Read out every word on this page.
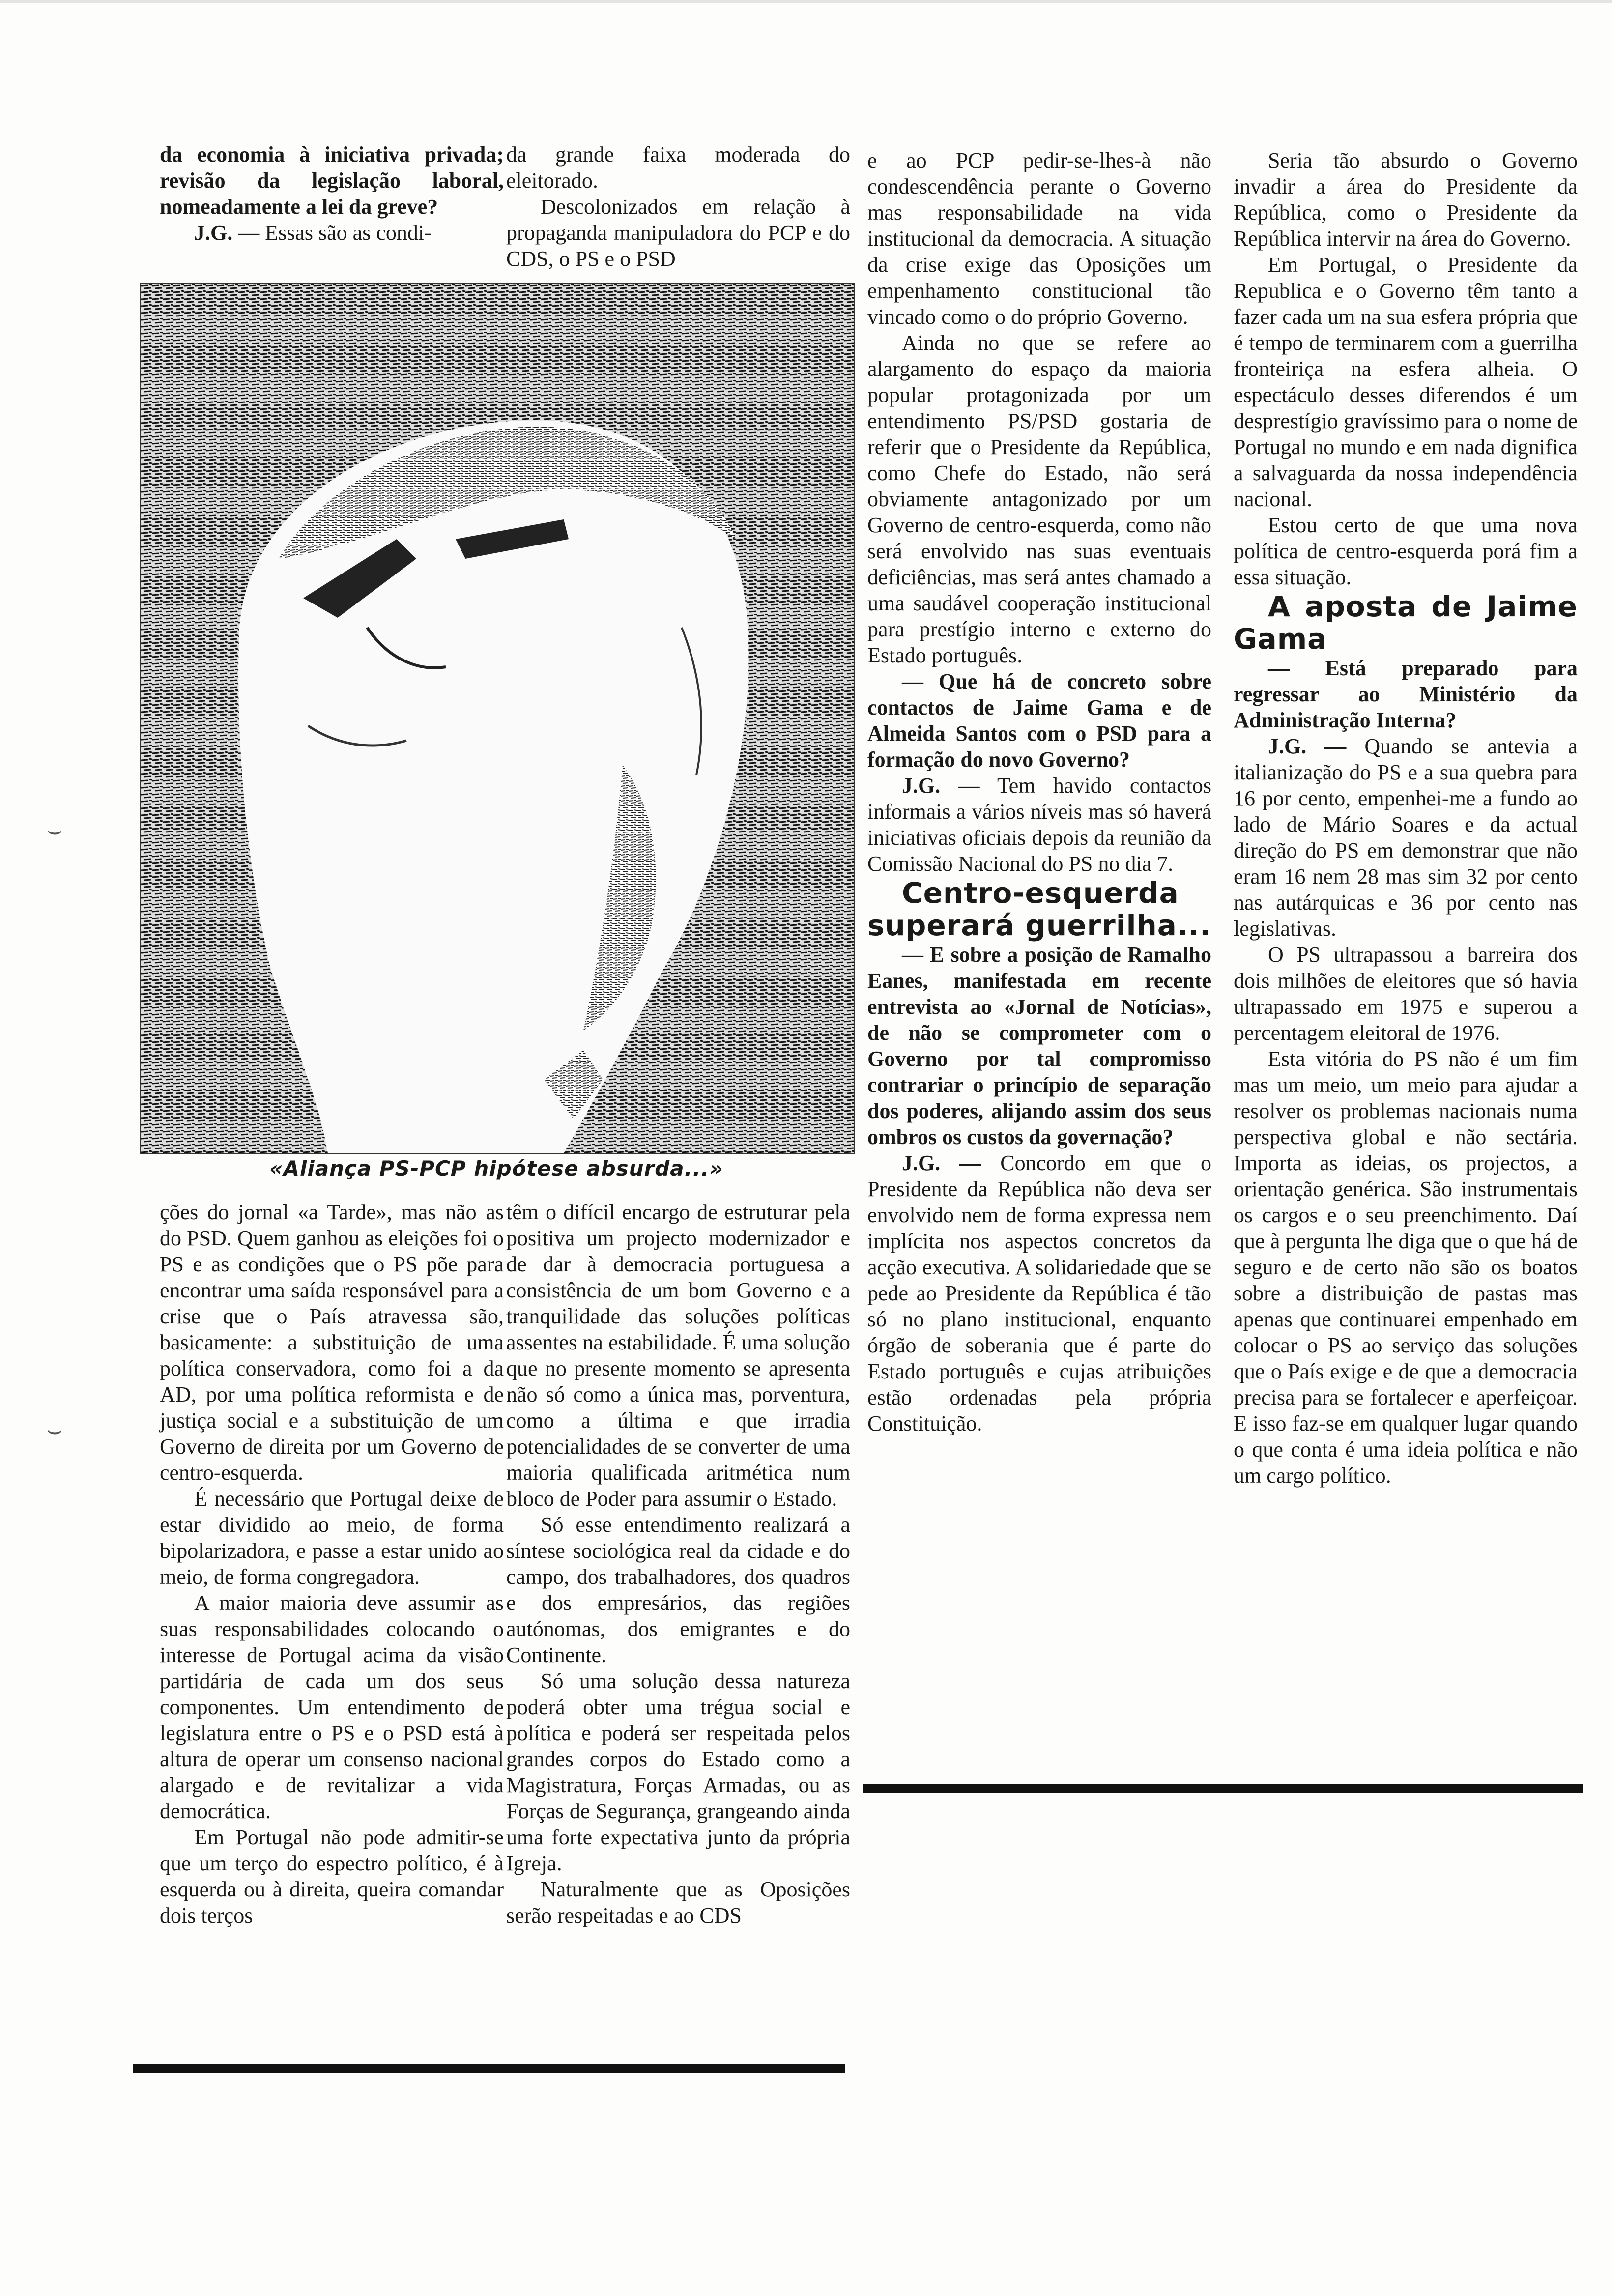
da economia à iniciativa privada; revisão da legislação laboral, nomeadamente a lei da greve?

J.G. — Essas são as condi-

da grande faixa moderada do eleitorado.

Descolonizados em relação à propaganda manipuladora do PCP e do CDS, o PS e o PSD

«Aliança PS-PCP hipótese absurda...»

ções do jornal «a Tarde», mas não as do PSD. Quem ganhou as eleições foi o PS e as condições que o PS põe para encontrar uma saída responsável para a crise que o País atravessa são, basicamente: a substituição de uma política conservadora, como foi a da AD, por uma política reformista e de justiça social e a substituição de um Governo de direita por um Governo de centro-esquerda.

É necessário que Portugal deixe de estar dividido ao meio, de forma bipolarizadora, e passe a estar unido ao meio, de forma congregadora.

A maior maioria deve assumir as suas responsabilidades colocando o interesse de Portugal acima da visão partidária de cada um dos seus componentes. Um entendimento de legislatura entre o PS e o PSD está à altura de operar um consenso nacional alargado e de revitalizar a vida democrática.

Em Portugal não pode admitir-se que um terço do espectro político, é à esquerda ou à direita, queira comandar dois terços

têm o difícil encargo de estruturar pela positiva um projecto modernizador e de dar à democracia portuguesa a consistência de um bom Governo e a tranquilidade das soluções políticas assentes na estabilidade. É uma solução que no presente momento se apresenta não só como a única mas, porventura, como a última e que irradia potencialidades de se converter de uma maioria qualificada aritmética num bloco de Poder para assumir o Estado.

Só esse entendimento realizará a síntese sociológica real da cidade e do campo, dos trabalhadores, dos quadros e dos empresários, das regiões autónomas, dos emigrantes e do Continente.

Só uma solução dessa natureza poderá obter uma trégua social e política e poderá ser respeitada pelos grandes corpos do Estado como a Magistratura, Forças Armadas, ou as Forças de Segurança, grangeando ainda uma forte expectativa junto da própria Igreja.

Naturalmente que as Oposições serão respeitadas e ao CDS

e ao PCP pedir-se-lhes-à não condescendência perante o Governo mas responsabilidade na vida institucional da democracia. A situação da crise exige das Oposições um empenhamento constitucional tão vincado como o do próprio Governo.

Ainda no que se refere ao alargamento do espaço da maioria popular protagonizada por um entendimento PS/PSD gostaria de referir que o Presidente da República, como Chefe do Estado, não será obviamente antagonizado por um Governo de centro-esquerda, como não será envolvido nas suas eventuais deficiências, mas será antes chamado a uma saudável cooperação institucional para prestígio interno e externo do Estado português.

— Que há de concreto sobre contactos de Jaime Gama e de Almeida Santos com o PSD para a formação do novo Governo?

J.G. — Tem havido contactos informais a vários níveis mas só haverá iniciativas oficiais depois da reunião da Comissão Nacional do PS no dia 7.

Centro-esquerda superará guerrilha...

— E sobre a posição de Ramalho Eanes, manifestada em recente entrevista ao «Jornal de Notícias», de não se comprometer com o Governo por tal compromisso contrariar o princípio de separação dos poderes, alijando assim dos seus ombros os custos da governação?

J.G. — Concordo em que o Presidente da República não deva ser envolvido nem de forma expressa nem implícita nos aspectos concretos da acção executiva. A solidariedade que se pede ao Presidente da República é tão só no plano institucional, enquanto órgão de soberania que é parte do Estado português e cujas atribuições estão ordenadas pela própria Constituição.

Seria tão absurdo o Governo invadir a área do Presidente da República, como o Presidente da República intervir na área do Governo.

Em Portugal, o Presidente da Republica e o Governo têm tanto a fazer cada um na sua esfera própria que é tempo de terminarem com a guerrilha fronteiriça na esfera alheia. O espectáculo desses diferendos é um desprestígio gravíssimo para o nome de Portugal no mundo e em nada dignifica a salvaguarda da nossa independência nacional.

Estou certo de que uma nova política de centro-esquerda porá fim a essa situação.

A aposta de Jaime Gama

— Está preparado para regressar ao Ministério da Administração Interna?

J.G. — Quando se antevia a italianização do PS e a sua quebra para 16 por cento, empenhei-me a fundo ao lado de Mário Soares e da actual direção do PS em demonstrar que não eram 16 nem 28 mas sim 32 por cento nas autárquicas e 36 por cento nas legislativas.

O PS ultrapassou a barreira dos dois milhões de eleitores que só havia ultrapassado em 1975 e superou a percentagem eleitoral de 1976.

Esta vitória do PS não é um fim mas um meio, um meio para ajudar a resolver os problemas nacionais numa perspectiva global e não sectária. Importa as ideias, os projectos, a orientação genérica. São instrumentais os cargos e o seu preenchimento. Daí que à pergunta lhe diga que o que há de seguro e de certo não são os boatos sobre a distribuição de pastas mas apenas que continuarei empenhado em colocar o PS ao serviço das soluções que o País exige e de que a democracia precisa para se fortalecer e aperfeiçoar. E isso faz-se em qualquer lugar quando o que conta é uma ideia política e não um cargo político.

⌣
⌣
